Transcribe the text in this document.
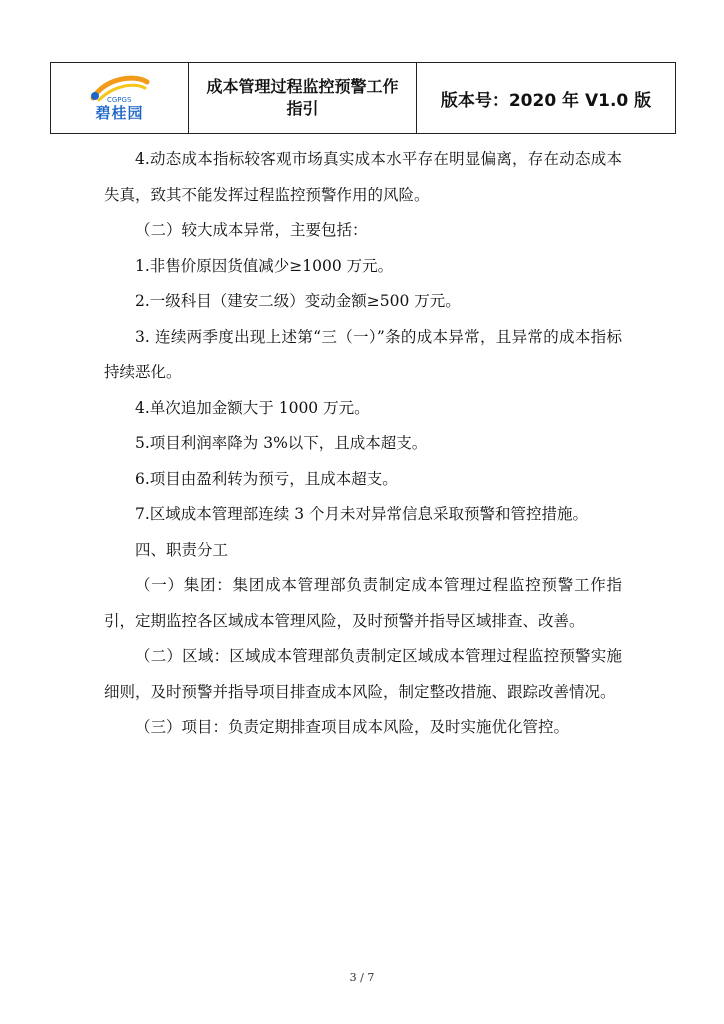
CGPGS
碧桂园
成本管理过程监控预警工作指引	版本号：2020 年 V1.0 版

4.动态成本指标较客观市场真实成本水平存在明显偏离，存在动态成本失真，致其不能发挥过程监控预警作用的风险。

（二）较大成本异常，主要包括：

1.非售价原因货值减少≥1000 万元。

2.一级科目（建安二级）变动金额≥500 万元。

3. 连续两季度出现上述第“三（一）”条的成本异常，且异常的成本指标持续恶化。

4.单次追加金额大于 1000 万元。

5.项目利润率降为 3%以下，且成本超支。

6.项目由盈利转为预亏，且成本超支。

7.区域成本管理部连续 3 个月未对异常信息采取预警和管控措施。

四、职责分工

（一）集团：集团成本管理部负责制定成本管理过程监控预警工作指引，定期监控各区域成本管理风险，及时预警并指导区域排查、改善。

（二）区域：区域成本管理部负责制定区域成本管理过程监控预警实施细则，及时预警并指导项目排查成本风险，制定整改措施、跟踪改善情况。

（三）项目：负责定期排查项目成本风险，及时实施优化管控。

3 / 7
